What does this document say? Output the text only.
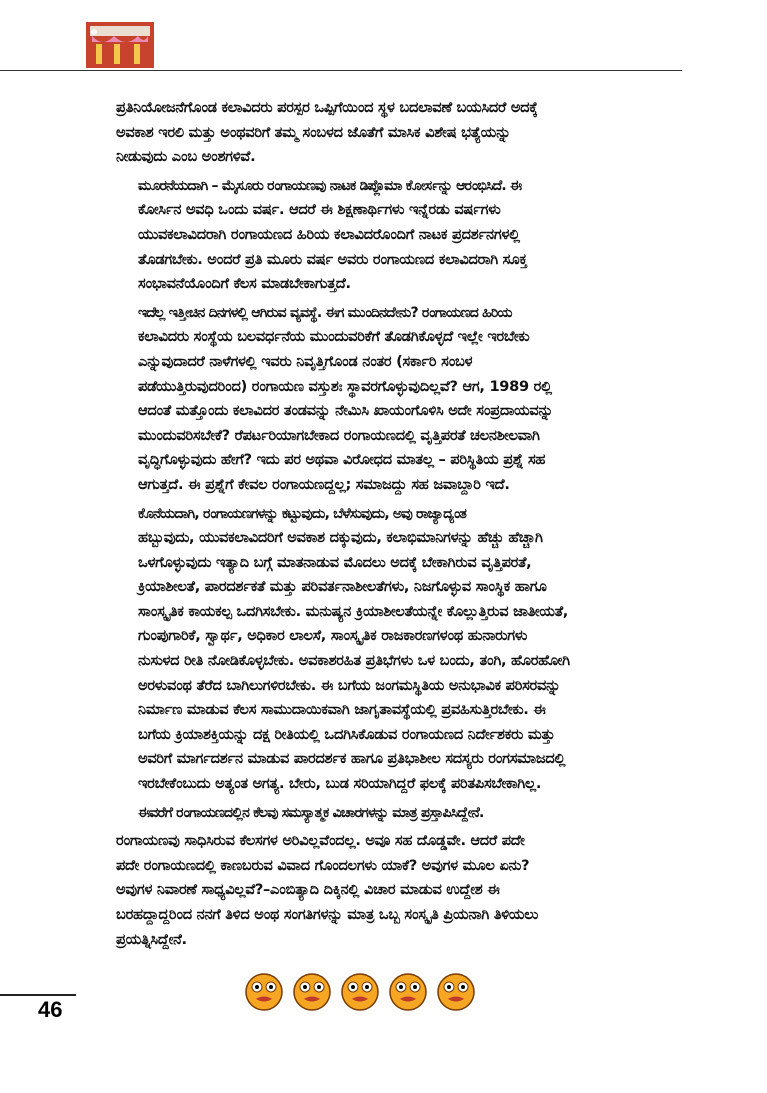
ಪ್ರತಿನಿಯೋಜನೆಗೊಂಡ ಕಲಾವಿದರು ಪರಸ್ಪರ ಒಪ್ಪಿಗೆಯಿಂದ ಸ್ಥಳ ಬದಲಾವಣೆ ಬಯಸಿದರೆ ಅದಕ್ಕೆ
ಅವಕಾಶ ಇರಲಿ ಮತ್ತು ಅಂಥವರಿಗೆ ತಮ್ಮ ಸಂಬಳದ ಜೊತೆಗೆ ಮಾಸಿಕ ವಿಶೇಷ ಭತ್ಯೆಯನ್ನು
ನೀಡುವುದು ಎಂಬ ಅಂಶಗಳಿವೆ.

ಮೂರನೆಯದಾಗಿ – ಮೈಸೂರು ರಂಗಾಯಣವು ನಾಟಕ ಡಿಪ್ಲೊಮಾ ಕೋರ್ಸನ್ನು ಆರಂಭಿಸಿದೆ. ಈ
ಕೋರ್ಸಿನ ಅವಧಿ ಒಂದು ವರ್ಷ. ಆದರೆ ಈ ಶಿಕ್ಷಣಾರ್ಥಿಗಳು ಇನ್ನೆರಡು ವರ್ಷಗಳು
ಯುವಕಲಾವಿದರಾಗಿ ರಂಗಾಯಣದ ಹಿರಿಯ ಕಲಾವಿದರೊಂದಿಗೆ ನಾಟಕ ಪ್ರದರ್ಶನಗಳಲ್ಲಿ
ತೊಡಗಬೇಕು. ಅಂದರೆ ಪ್ರತಿ ಮೂರು ವರ್ಷ ಅವರು ರಂಗಾಯಣದ ಕಲಾವಿದರಾಗಿ ಸೂಕ್ತ
ಸಂಭಾವನೆಯೊಂದಿಗೆ ಕೆಲಸ ಮಾಡಬೇಕಾಗುತ್ತದೆ.

ಇದೆಲ್ಲ ಇತ್ತೀಚಿನ ದಿನಗಳಲ್ಲಿ ಆಗಿರುವ ವ್ಯವಸ್ಥೆ. ಈಗ ಮುಂದಿನದೇನು? ರಂಗಾಯಣದ ಹಿರಿಯ
ಕಲಾವಿದರು ಸಂಸ್ಥೆಯ ಬಲವರ್ಧನೆಯ ಮುಂದುವರಿಕೆಗೆ ತೊಡಗಿಕೊಳ್ಳದೆ ಇಲ್ಲೇ ಇರಬೇಕು
ಎನ್ನುವುದಾದರೆ ನಾಳೆಗಳಲ್ಲಿ ಇವರು ನಿವೃತ್ತಿಗೊಂಡ ನಂತರ (ಸರ್ಕಾರಿ ಸಂಬಳ
ಪಡೆಯುತ್ತಿರುವುದರಿಂದ) ರಂಗಾಯಣ ವಸ್ತುಶಃ ಸ್ಥಾವರಗೊಳ್ಳುವುದಿಲ್ಲವೆ? ಆಗ, 1989 ರಲ್ಲಿ
ಆದಂತೆ ಮತ್ತೊಂದು ಕಲಾವಿದರ ತಂಡವನ್ನು ನೇಮಿಸಿ ಖಾಯಂಗೊಳಿಸಿ ಅದೇ ಸಂಪ್ರದಾಯವನ್ನು
ಮುಂದುವರಿಸಬೇಕೆ? ರೆಪರ್ಟರಿಯಾಗಬೇಕಾದ ರಂಗಾಯಣದಲ್ಲಿ ವೃತ್ತಿಪರತೆ ಚಲನಶೀಲವಾಗಿ
ವೃದ್ಧಿಗೊಳ್ಳುವುದು ಹೇಗೆ? ಇದು ಪರ ಅಥವಾ ವಿರೋಧದ ಮಾತಲ್ಲ – ಪರಿಸ್ಥಿತಿಯ ಪ್ರಶ್ನೆ ಸಹ
ಆಗುತ್ತದೆ. ಈ ಪ್ರಶ್ನೆಗೆ ಕೇವಲ ರಂಗಾಯಣದ್ದಲ್ಲ; ಸಮಾಜದ್ದು ಸಹ ಜವಾಬ್ದಾರಿ ಇದೆ.

ಕೊನೆಯದಾಗಿ, ರಂಗಾಯಣಗಳನ್ನು ಕಟ್ಟುವುದು, ಬೆಳೆಸುವುದು, ಅವು ರಾಜ್ಯಾದ್ಯಂತ
ಹಬ್ಬುವುದು, ಯುವಕಲಾವಿದರಿಗೆ ಅವಕಾಶ ದಕ್ಕುವುದು, ಕಲಾಭಿಮಾನಿಗಳನ್ನು ಹೆಚ್ಚು ಹೆಚ್ಚಾಗಿ
ಒಳಗೊಳ್ಳುವುದು ಇತ್ಯಾದಿ ಬಗ್ಗೆ ಮಾತನಾಡುವ ಮೊದಲು ಅದಕ್ಕೆ ಬೇಕಾಗಿರುವ ವೃತ್ತಿಪರತೆ,
ಕ್ರಿಯಾಶೀಲತೆ, ಪಾರದರ್ಶಕತೆ ಮತ್ತು ಪರಿವರ್ತನಾಶೀಲತೆಗಳು, ನಿಜಗೊಳ್ಳುವ ಸಾಂಸ್ಥಿಕ ಹಾಗೂ
ಸಾಂಸ್ಕೃತಿಕ ಕಾಯಕಲ್ಪ ಒದಗಿಸಬೇಕು. ಮನುಷ್ಯನ ಕ್ರಿಯಾಶೀಲತೆಯನ್ನೇ ಕೊಲ್ಲುತ್ತಿರುವ ಜಾತೀಯತೆ,
ಗುಂಪುಗಾರಿಕೆ, ಸ್ವಾರ್ಥ, ಅಧಿಕಾರ ಲಾಲಸೆ, ಸಾಂಸ್ಕೃತಿಕ ರಾಜಕಾರಣಗಳಂಥ ಹುನಾರುಗಳು
ನುಸುಳದ ರೀತಿ ನೋಡಿಕೊಳ್ಳಬೇಕು. ಅವಕಾಶರಹಿತ ಪ್ರತಿಭೆಗಳು ಒಳ ಬಂದು, ತಂಗಿ, ಹೊರಹೋಗಿ
ಅರಳುವಂಥ ತೆರೆದ ಬಾಗಿಲುಗಳಿರಬೇಕು. ಈ ಬಗೆಯ ಜಂಗಮಸ್ಥಿತಿಯ ಅನುಭಾವಿಕ ಪರಿಸರವನ್ನು
ನಿರ್ಮಾಣ ಮಾಡುವ ಕೆಲಸ ಸಾಮುದಾಯಿಕವಾಗಿ ಜಾಗೃತಾವಸ್ಥೆಯಲ್ಲಿ ಪ್ರವಹಿಸುತ್ತಿರಬೇಕು. ಈ
ಬಗೆಯ ಕ್ರಿಯಾಶಕ್ತಿಯನ್ನು ದಕ್ಷ ರೀತಿಯಲ್ಲಿ ಒದಗಿಸಿಕೊಡುವ ರಂಗಾಯಣದ ನಿರ್ದೇಶಕರು ಮತ್ತು
ಅವರಿಗೆ ಮಾರ್ಗದರ್ಶನ ಮಾಡುವ ಪಾರದರ್ಶಕ ಹಾಗೂ ಪ್ರತಿಭಾಶೀಲ ಸದಸ್ಯರು ರಂಗಸಮಾಜದಲ್ಲಿ
ಇರಬೇಕೆಂಬುದು ಅತ್ಯಂತ ಅಗತ್ಯ. ಬೇರು, ಬುಡ ಸರಿಯಾಗಿದ್ದರೆ ಫಲಕ್ಕೆ ಪರಿತಪಿಸಬೇಕಾಗಿಲ್ಲ.

ಈವರೆಗೆ ರಂಗಾಯಣದಲ್ಲಿನ ಕೆಲವು ಸಮಸ್ಯಾತ್ಮಕ ವಿಚಾರಗಳನ್ನು ಮಾತ್ರ ಪ್ರಸ್ತಾಪಿಸಿದ್ದೇನೆ.

ರಂಗಾಯಣವು ಸಾಧಿಸಿರುವ ಕೆಲಸಗಳ ಅರಿವಿಲ್ಲವೆಂದಲ್ಲ. ಅವೂ ಸಹ ದೊಡ್ಡವೇ. ಆದರೆ ಪದೇ
ಪದೇ ರಂಗಾಯಣದಲ್ಲಿ ಕಾಣಬರುವ ವಿವಾದ ಗೊಂದಲಗಳು ಯಾಕೆ? ಅವುಗಳ ಮೂಲ ಏನು?
ಅವುಗಳ ನಿವಾರಣೆ ಸಾಧ್ಯವಿಲ್ಲವೆ?–ಎಂಬಿತ್ಯಾದಿ ದಿಕ್ಕಿನಲ್ಲಿ ವಿಚಾರ ಮಾಡುವ ಉದ್ದೇಶ ಈ
ಬರಹದ್ದಾದ್ದರಿಂದ ನನಗೆ ತಿಳಿದ ಅಂಥ ಸಂಗತಿಗಳನ್ನು ಮಾತ್ರ ಒಬ್ಬ ಸಂಸ್ಕೃತಿ ಪ್ರಿಯನಾಗಿ ತಿಳಿಯಲು
ಪ್ರಯತ್ನಿಸಿದ್ದೇನೆ.

46
